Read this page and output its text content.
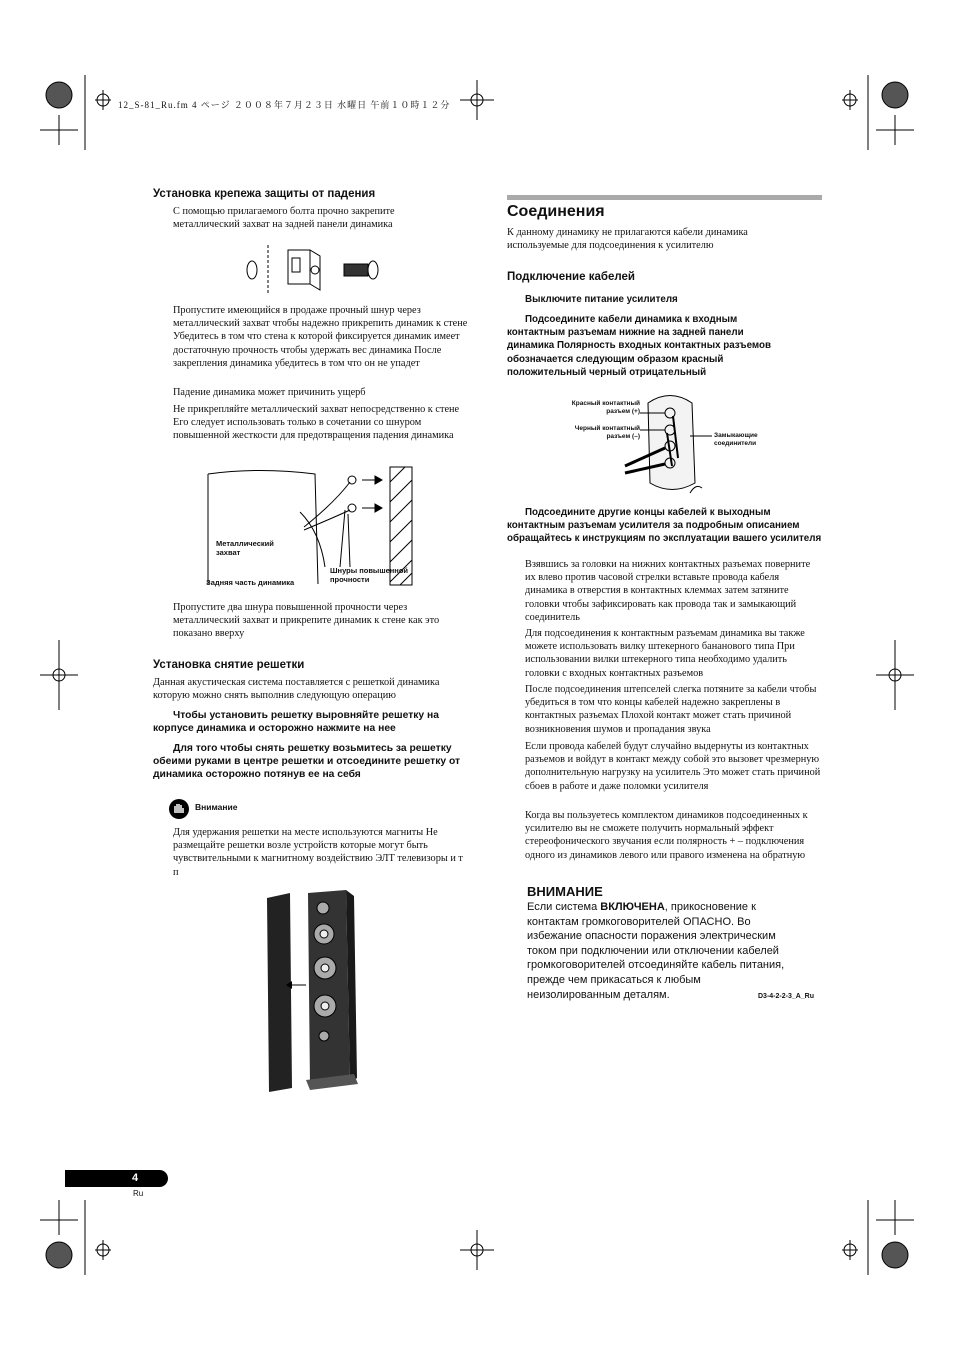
12_S-81_Ru.fm 4 ページ ２００８年７月２３日 水曜日 午前１０時１２分
Установка крепежа защиты от падения
С помощью прилагаемого болта прочно закрепите металлический захват на задней панели динамика
Пропустите имеющийся в продаже прочный шнур через металлический захват чтобы надежно прикрепить динамик к стене Убедитесь в том что стена к которой фиксируется динамик имеет достаточную прочность чтобы удержать вес динамика После закрепления динамика убедитесь в том что он не упадет
Падение динамика может причинить ущерб
Не прикрепляйте металлический захват непосредственно к стене Его следует использовать только в сочетании со шнуром повышенной жесткости для предотвращения падения динамика
Металлический захват
Задняя часть динамика
Шнуры повышенной прочности
Пропустите два шнура повышенной прочности через металлический захват и прикрепите динамик к стене как это показано вверху
Установка снятие решетки
Данная акустическая система поставляется с решеткой динамика которую можно снять выполнив следующую операцию
Чтобы установить решетку выровняйте решетку на корпусе динамика и осторожно нажмите на нее
Для того чтобы снять решетку возьмитесь за решетку обеими руками в центре решетки и отсоедините решетку от динамика осторожно потянув ее на себя
Внимание
Для удержания решетки на месте используются магниты Не размещайте решетки возле устройств которые могут быть чувствительными к магнитному воздействию ЭЛТ телевизоры и т п
Соединения
К данному динамику не прилагаются кабели динамика используемые для подсоединения к усилителю
Подключение кабелей
Выключите питание усилителя
Подсоедините кабели динамика к входным контактным разъемам нижние на задней панели динамика Полярность входных контактных разъемов обозначается следующим образом красный положительный черный отрицательный
Красный контактный разъем (+)
Черный контактный разъем (–)	Замыкающие соединители
Подсоедините другие концы кабелей к выходным контактным разъемам усилителя за подробным описанием обращайтесь к инструкциям по эксплуатации вашего усилителя
Взявшись за головки на нижних контактных разъемах поверните их влево против часовой стрелки вставьте провода кабеля динамика в отверстия в контактных клеммах затем затяните головки чтобы зафиксировать как провода так и замыкающий соединитель
Для подсоединения к контактным разъемам динамика вы также можете использовать вилку штекерного бананового типа При использовании вилки штекерного типа необходимо удалить головки с входных контактных разъемов
После подсоединения штепселей слегка потяните за кабели чтобы убедиться в том что концы кабелей надежно закреплены в контактных разъемах Плохой контакт может стать причиной возникновения шумов и пропадания звука
Если провода кабелей будут случайно выдернуты из контактных разъемов и войдут в контакт между собой это вызовет чрезмерную дополнительную нагрузку на усилитель Это может стать причиной сбоев в работе и даже поломки усилителя
Когда вы пользуетесь комплектом динамиков подсоединенных к усилителю вы не сможете получить нормальный эффект стереофонического звучания если полярность + – подключения одного из динамиков левого или правого изменена на обратную
ВНИМАНИЕ
Если система ВКЛЮЧЕНА, прикосновение к
контактам громкоговорителей ОПАСНО. Во
избежание опасности поражения электрическим
током при подключении или отключении кабелей
громкоговорителей отсоединяйте кабель питания,
прежде чем прикасаться к любым
неизолированным деталям.	D3-4-2-2-3_A_Ru
4
Ru
